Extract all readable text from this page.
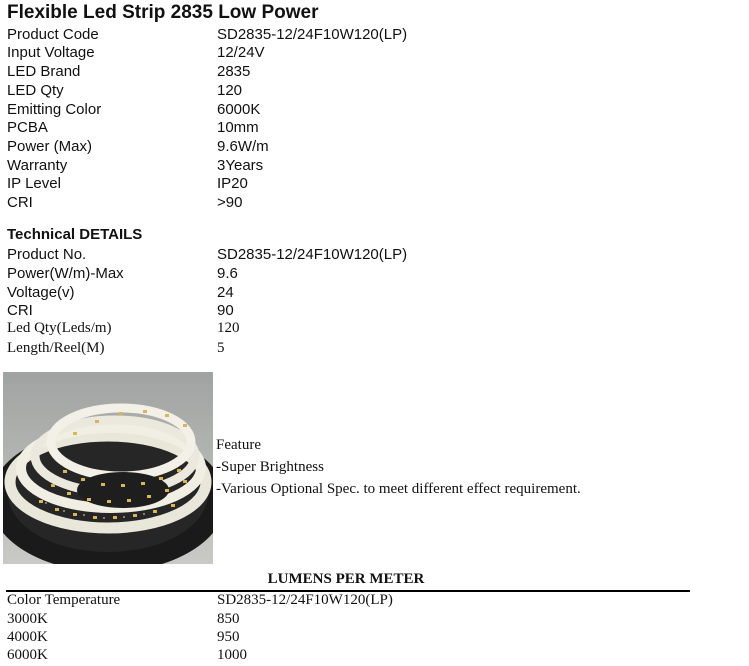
Flexible Led Strip 2835 Low Power
Product Code	SD2835-12/24F10W120(LP)
Input Voltage	12/24V
LED Brand	2835
LED Qty	120
Emitting Color	6000K
PCBA	10mm
Power (Max)	9.6W/m
Warranty	3Years
IP Level	IP20
CRI	>90
Technical DETAILS
Product No.	SD2835-12/24F10W120(LP)
Power(W/m)-Max	9.6
Voltage(v)	24
CRI	90
Led Qty(Leds/m)	120
Length/Reel(M)	5
Feature
-Super Brightness
-Various Optional Spec. to meet different effect requirement.
LUMENS PER METER
Color Temperature	SD2835-12/24F10W120(LP)
3000K	850
4000K	950
6000K	1000
